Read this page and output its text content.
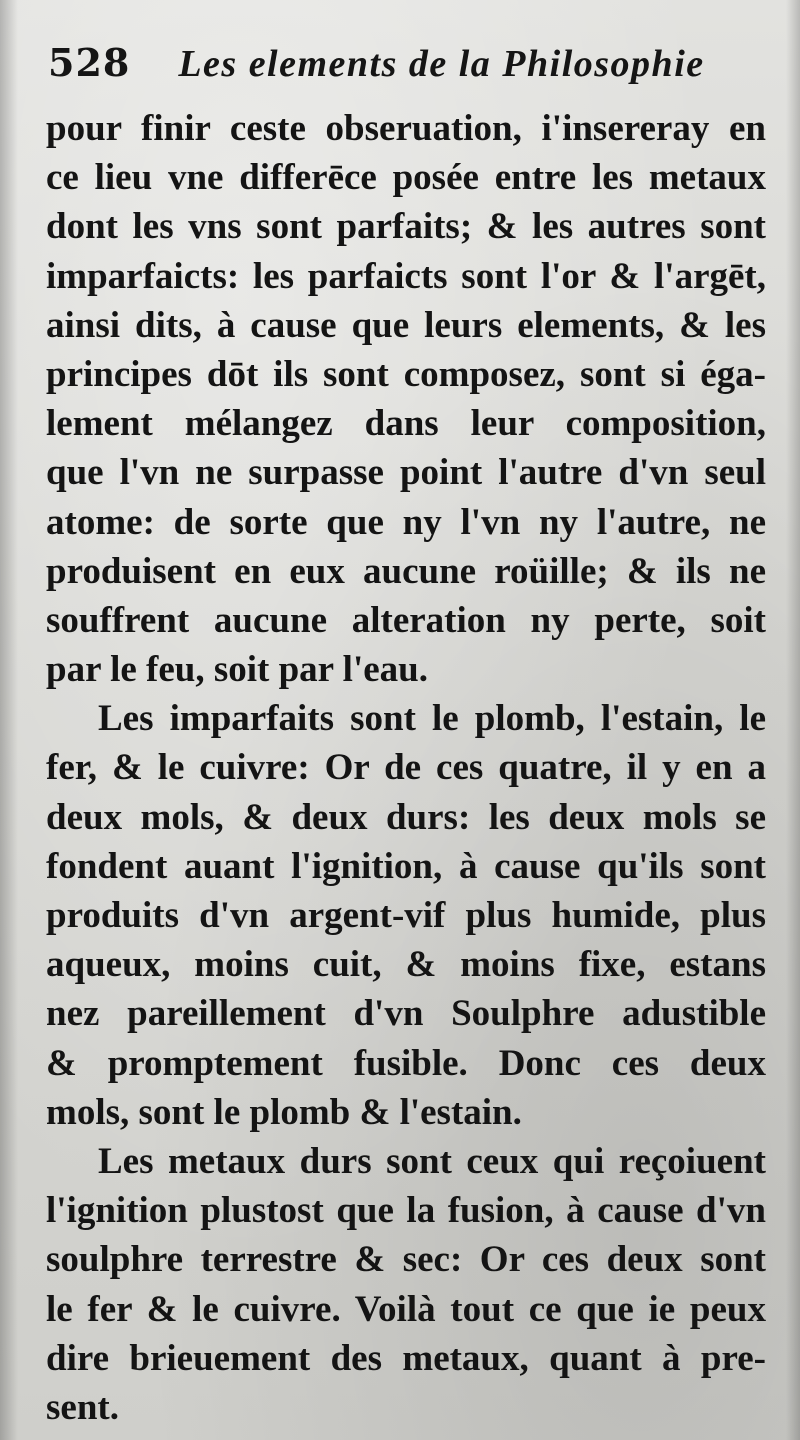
528 Les elements de la Philosophie
pour finir ceste obseruation, i'insereray en
ce lieu vne differēce posée entre les metaux
dont les vns sont parfaits; & les autres sont
imparfaicts: les parfaicts sont l'or & l'argēt,
ainsi dits, à cause que leurs elements, & les
principes dōt ils sont composez, sont si éga-
lement mélangez dans leur composition,
que l'vn ne surpasse point l'autre d'vn seul
atome: de sorte que ny l'vn ny l'autre, ne
produisent en eux aucune roüille; & ils ne
souffrent aucune alteration ny perte, soit
par le feu, soit par l'eau.
Les imparfaits sont le plomb, l'estain, le
fer, & le cuivre: Or de ces quatre, il y en a
deux mols, & deux durs: les deux mols se
fondent auant l'ignition, à cause qu'ils sont
produits d'vn argent-vif plus humide, plus
aqueux, moins cuit, & moins fixe, estans
nez pareillement d'vn Soulphre adustible
& promptement fusible. Donc ces deux
mols, sont le plomb & l'estain.
Les metaux durs sont ceux qui reçoiuent
l'ignition plustost que la fusion, à cause d'vn
soulphre terrestre & sec: Or ces deux sont
le fer & le cuivre. Voilà tout ce que ie peux
dire brieuement des metaux, quant à pre-
sent.
